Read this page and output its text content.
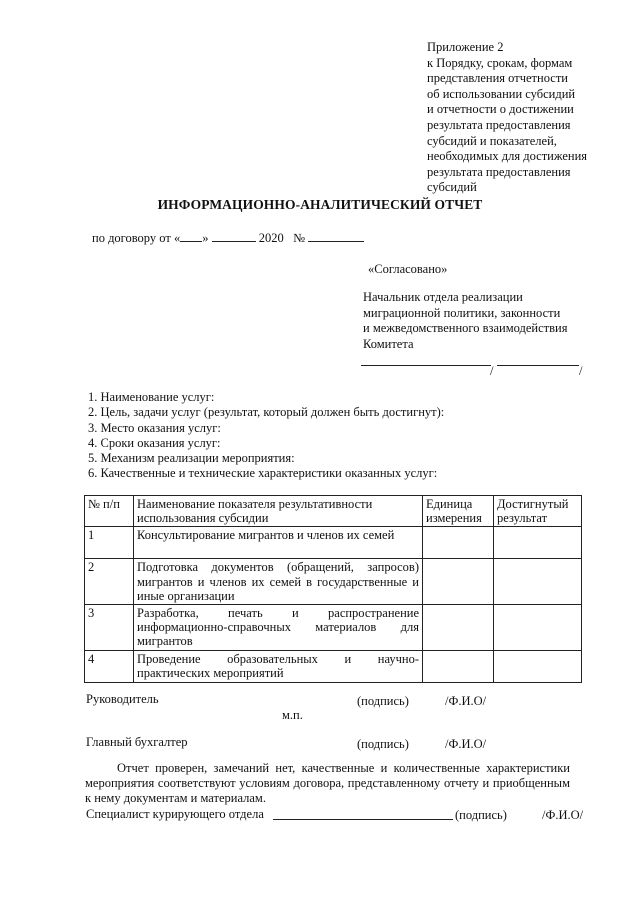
Приложение 2
к Порядку, срокам, формам
представления отчетности
об использовании субсидий
и отчетности о достижении
результата предоставления
субсидий и показателей,
необходимых для достижения
результата предоставления
субсидий
ИНФОРМАЦИОННО-АНАЛИТИЧЕСКИЙ ОТЧЕТ
по договору от « »	2020 №
«Согласовано»
Начальник отдела реализации
миграционной политики, законности
и межведомственного взаимодействия
Комитета
/	/
1. Наименование услуг:
2. Цель, задачи услуг (результат, который должен быть достигнут):
3. Место оказания услуг:
4. Сроки оказания услуг:
5. Механизм реализации мероприятия:
6. Качественные и технические характеристики оказанных услуг:
№ п/п	Наименование показателя результативности использования субсидии	Единица измерения	Достигнутый результат
1	Консультирование мигрантов и членов их семей		
2	Подготовка документов (обращений, запросов) мигрантов и членов их семей в государственные и иные организации		
3	Разработка, печать и распространение информационно-справочных материалов для мигрантов		
4	Проведение образовательных и научно-практических мероприятий		
Руководитель	(подпись)	/Ф.И.О/
м.п.
Главный бухгалтер	(подпись)	/Ф.И.О/
Отчет проверен, замечаний нет, качественные и количественные характеристики мероприятия соответствуют условиям договора, представленному отчету и приобщенным к нему документам и материалам.
Специалист курирующего отдела	(подпись)	/Ф.И.О/
